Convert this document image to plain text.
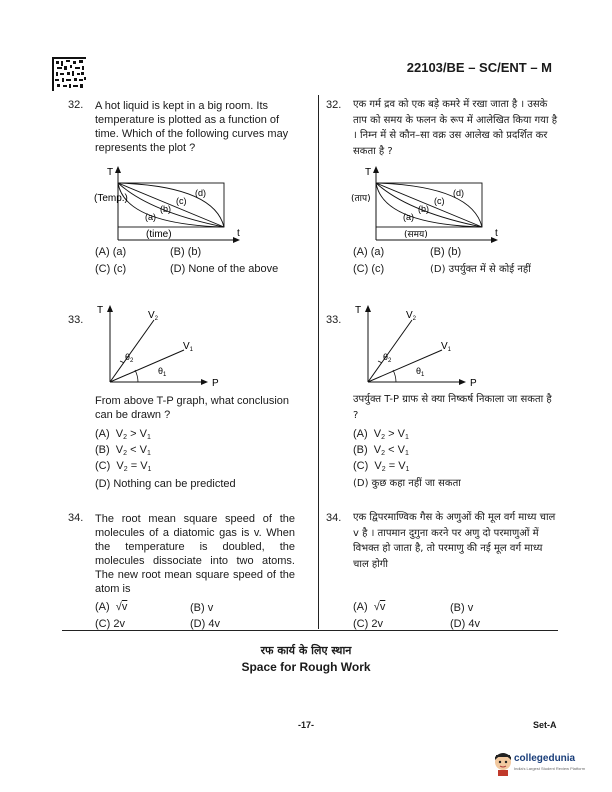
22103/BE – SC/ENT – M
32. A hot liquid is kept in a big room. Its temperature is plotted as a function of time. Which of the following curves may represents the plot ?
T
t
(Temp.)
(time)
(a)
(b)
(c)
(d)
(A) (a)	(B) (b)
(C) (c)	(D) None of the above
32. एक गर्म द्रव को एक बड़े कमरे में रखा जाता है । उसके ताप को समय के फलन के रूप में आलेखित किया गया है । निम्न में से कौन–सा वक्र उस आलेख को प्रदर्शित कर सकता है ?
T
t
(ताप)
(समय)
(a)
(b)
(c)
(d)
(A) (a)	(B) (b)
(C) (c)	(D) उपर्युक्त में से कोई नहीं
33.
T
P
$V_2$
$V_1$
$\theta_2$
$\theta_1$
From above T-P graph, what conclusion can be drawn ?
(A) $V_2 > V_1$
(B) $V_2 < V_1$
(C) $V_2 = V_1$
(D) Nothing can be predicted
33.
T
P
$V_2$
$V_1$
$\theta_2$
$\theta_1$
उपर्युक्त T-P ग्राफ से क्या निष्कर्ष निकाला जा सकता है ?
(A) $V_2 > V_1$
(B) $V_2 < V_1$
(C) $V_2 = V_1$
(D) कुछ कहा नहीं जा सकता
34. The root mean square speed of the molecules of a diatomic gas is v. When the temperature is doubled, the molecules dissociate into two atoms. The new root mean square speed of the atom is
(A)  √v	(B) v
(C) 2v	(D) 4v
34. एक द्विपरमाण्विक गैस के अणुओं की मूल वर्ग माध्य चाल v है । तापमान दुगुना करने पर अणु दो परमाणुओं में विभक्त हो जाता है, तो परमाणु की नई मूल वर्ग माध्य चाल होगी
(A)  √v	(B) v
(C) 2v	(D) 4v
रफ कार्य के लिए स्थान
Space for Rough Work
-17-	Set-A
collegedunia
India's Largest Student Review Platform
